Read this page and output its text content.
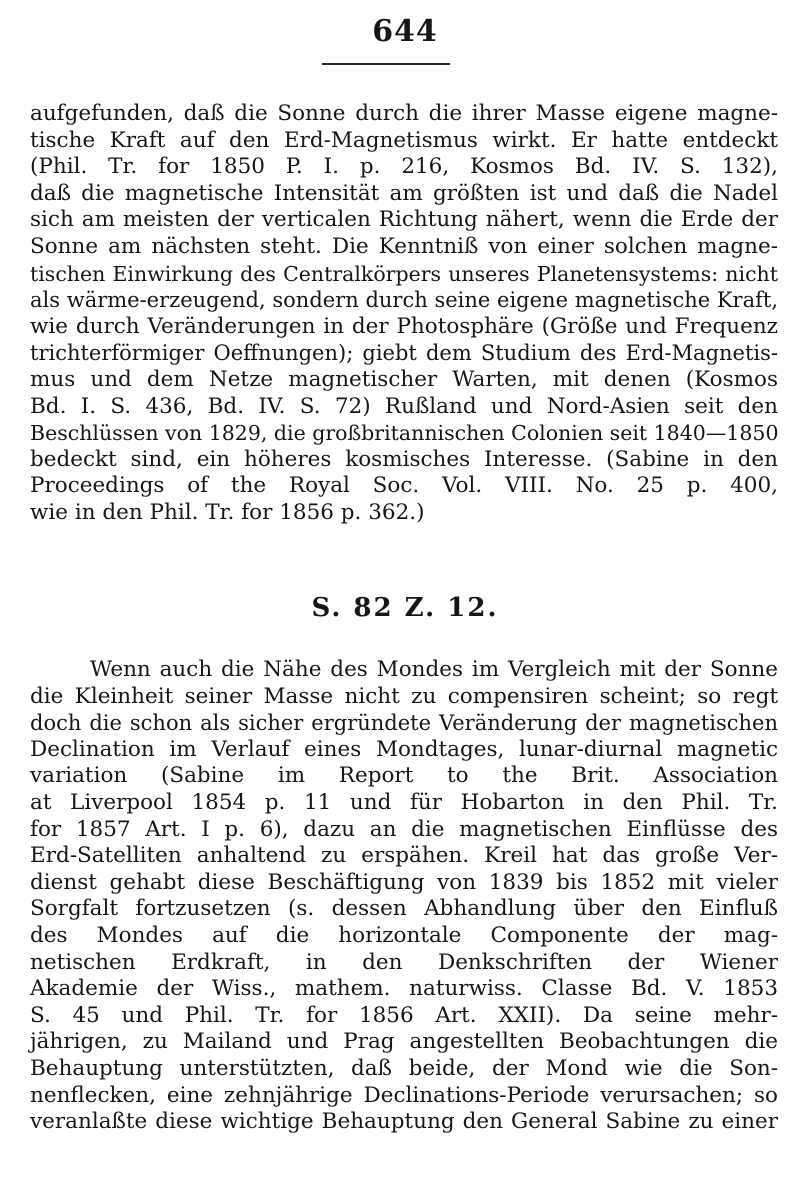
644
aufgefunden, daß die Sonne durch die ihrer Masse eigene magne-
tische Kraft auf den Erd-Magnetismus wirkt. Er hatte entdeckt
(Phil. Tr. for 1850 P. I. p. 216, Kosmos Bd. IV. S. 132),
daß die magnetische Intensität am größten ist und daß die Nadel
sich am meisten der verticalen Richtung nähert, wenn die Erde der
Sonne am nächsten steht. Die Kenntniß von einer solchen magne-
tischen Einwirkung des Centralkörpers unseres Planetensystems: nicht
als wärme-erzeugend, sondern durch seine eigene magnetische Kraft,
wie durch Veränderungen in der Photosphäre (Größe und Frequenz
trichterförmiger Oeffnungen); giebt dem Studium des Erd-Magnetis-
mus und dem Netze magnetischer Warten, mit denen (Kosmos
Bd. I. S. 436, Bd. IV. S. 72) Rußland und Nord-Asien seit den
Beschlüssen von 1829, die großbritannischen Colonien seit 1840—1850
bedeckt sind, ein höheres kosmisches Interesse. (Sabine in den
Proceedings of the Royal Soc. Vol. VIII. No. 25 p. 400,
wie in den Phil. Tr. for 1856 p. 362.)
S. 82 Z. 12.
Wenn auch die Nähe des Mondes im Vergleich mit der Sonne
die Kleinheit seiner Masse nicht zu compensiren scheint; so regt
doch die schon als sicher ergründete Veränderung der magnetischen
Declination im Verlauf eines Mondtages, lunar-diurnal magnetic
variation (Sabine im Report to the Brit. Association
at Liverpool 1854 p. 11 und für Hobarton in den Phil. Tr.
for 1857 Art. I p. 6), dazu an die magnetischen Einflüsse des
Erd-Satelliten anhaltend zu erspähen. Kreil hat das große Ver-
dienst gehabt diese Beschäftigung von 1839 bis 1852 mit vieler
Sorgfalt fortzusetzen (s. dessen Abhandlung über den Einfluß
des Mondes auf die horizontale Componente der mag-
netischen Erdkraft, in den Denkschriften der Wiener
Akademie der Wiss., mathem. naturwiss. Classe Bd. V. 1853
S. 45 und Phil. Tr. for 1856 Art. XXII). Da seine mehr-
jährigen, zu Mailand und Prag angestellten Beobachtungen die
Behauptung unterstützten, daß beide, der Mond wie die Son-
nenflecken, eine zehnjährige Declinations-Periode verursachen; so
veranlaßte diese wichtige Behauptung den General Sabine zu einer
